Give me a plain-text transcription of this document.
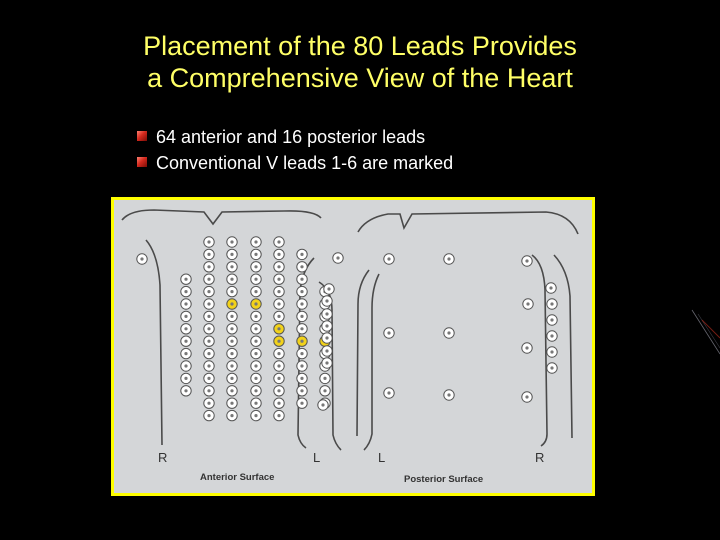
Placement of the 80 Leads Provides
a Comprehensive View of the Heart
64 anterior and 16 posterior leads
Conventional V leads 1-6 are marked
R	L	L	R
Anterior Surface	Posterior Surface
